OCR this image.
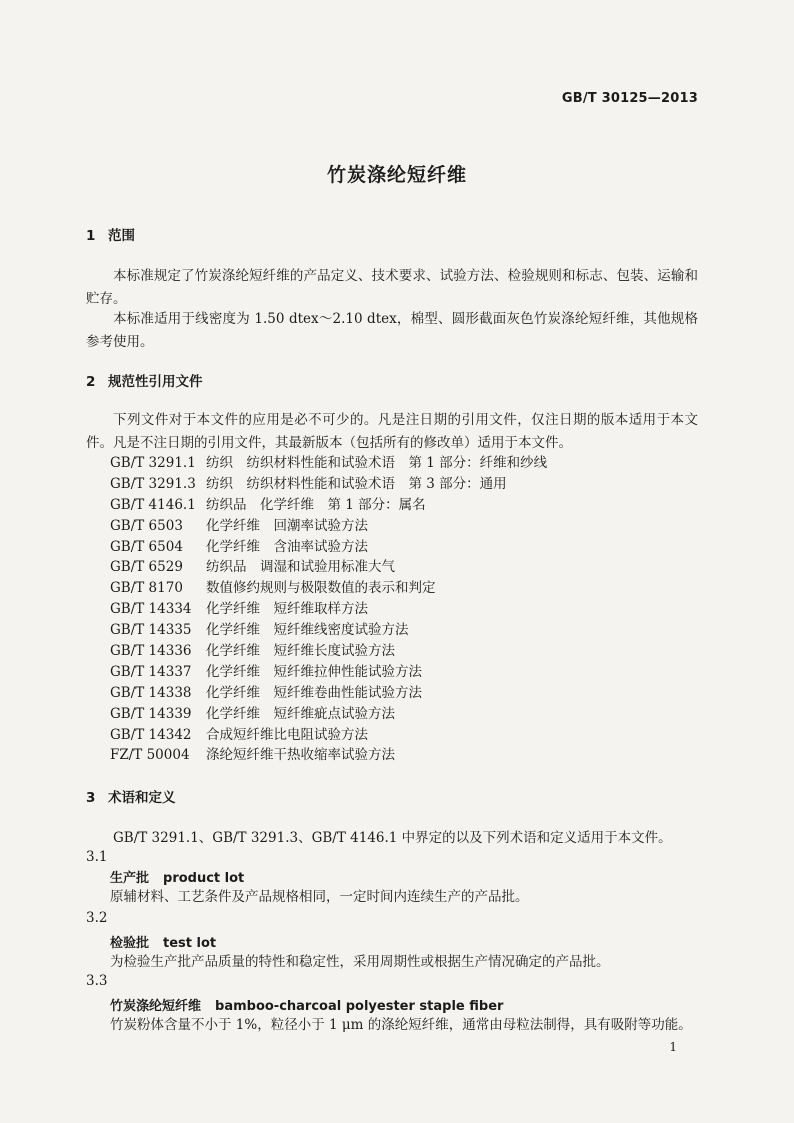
GB/T 30125—2013
竹炭涤纶短纤维
1 范围
本标准规定了竹炭涤纶短纤维的产品定义、技术要求、试验方法、检验规则和标志、包装、运输和贮存。
本标准适用于线密度为 1.50 dtex～2.10 dtex，棉型、圆形截面灰色竹炭涤纶短纤维，其他规格参考使用。
2 规范性引用文件
下列文件对于本文件的应用是必不可少的。凡是注日期的引用文件，仅注日期的版本适用于本文件。凡是不注日期的引用文件，其最新版本（包括所有的修改单）适用于本文件。
GB/T 3291.1 纺织　纺织材料性能和试验术语　第 1 部分：纤维和纱线
GB/T 3291.3 纺织　纺织材料性能和试验术语　第 3 部分：通用
GB/T 4146.1 纺织品　化学纤维　第 1 部分：属名
GB/T 6503 化学纤维　回潮率试验方法
GB/T 6504 化学纤维　含油率试验方法
GB/T 6529 纺织品　调湿和试验用标准大气
GB/T 8170 数值修约规则与极限数值的表示和判定
GB/T 14334 化学纤维　短纤维取样方法
GB/T 14335 化学纤维　短纤维线密度试验方法
GB/T 14336 化学纤维　短纤维长度试验方法
GB/T 14337 化学纤维　短纤维拉伸性能试验方法
GB/T 14338 化学纤维　短纤维卷曲性能试验方法
GB/T 14339 化学纤维　短纤维疵点试验方法
GB/T 14342 合成短纤维比电阻试验方法
FZ/T 50004 涤纶短纤维干热收缩率试验方法
3 术语和定义
GB/T 3291.1、GB/T 3291.3、GB/T 4146.1 中界定的以及下列术语和定义适用于本文件。
3.1
生产批 product lot
原辅材料、工艺条件及产品规格相同，一定时间内连续生产的产品批。
3.2
检验批 test lot
为检验生产批产品质量的特性和稳定性，采用周期性或根据生产情况确定的产品批。
3.3
竹炭涤纶短纤维 bamboo-charcoal polyester staple fiber
竹炭粉体含量不小于 1%，粒径小于 1 μm 的涤纶短纤维，通常由母粒法制得，具有吸附等功能。
1
